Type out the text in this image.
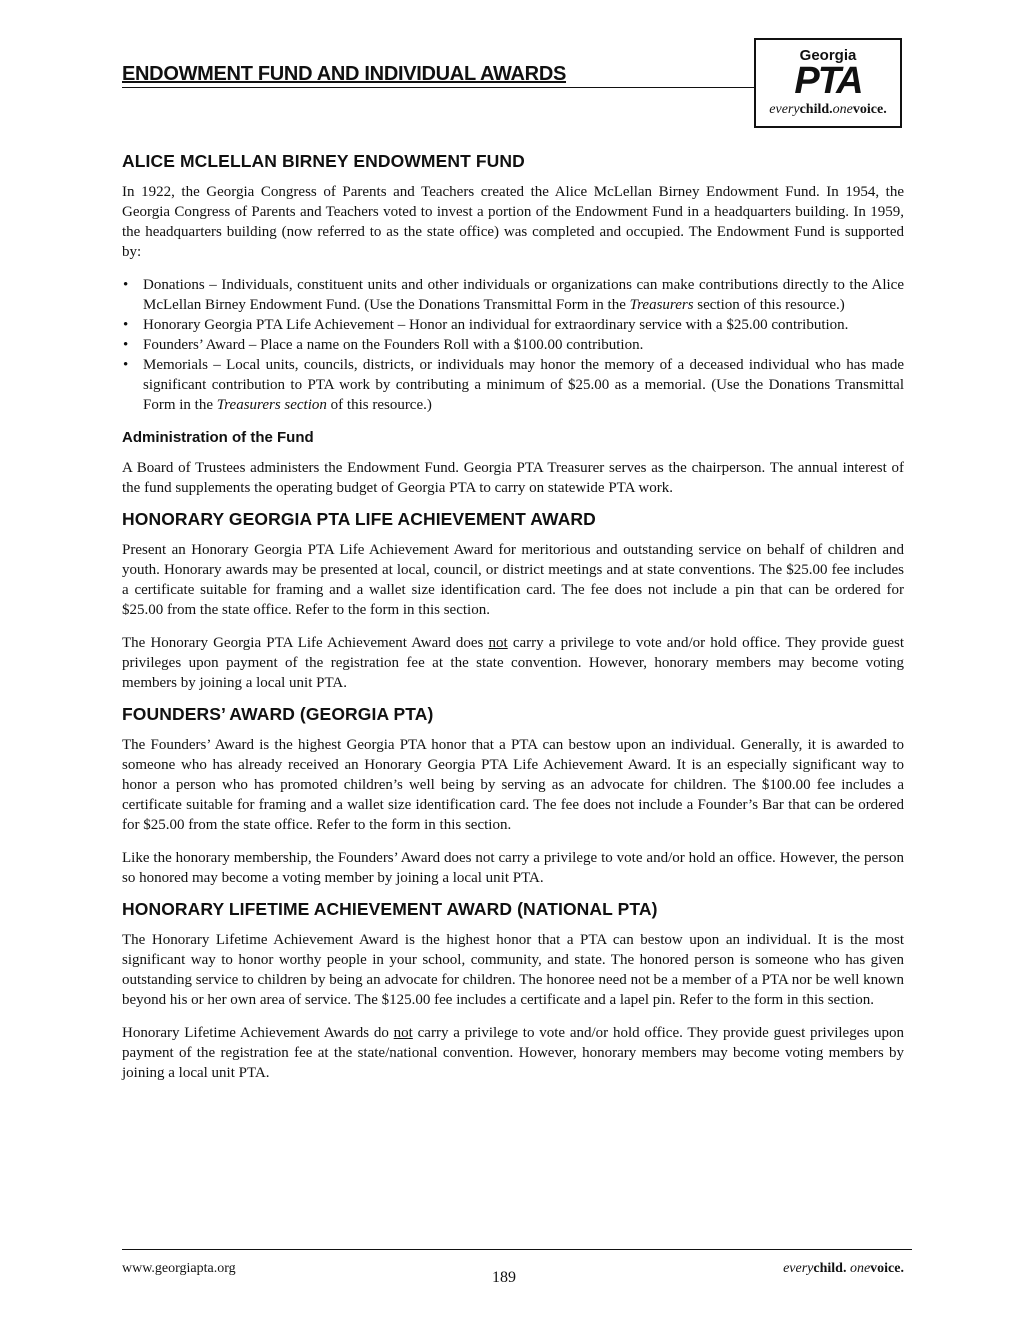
ENDOWMENT FUND AND INDIVIDUAL AWARDS
Georgia
PTA
everychild.onevoice.
ALICE MCLELLAN BIRNEY ENDOWMENT FUND

In 1922, the Georgia Congress of Parents and Teachers created the Alice McLellan Birney Endowment Fund. In 1954, the Georgia Congress of Parents and Teachers voted to invest a portion of the Endowment Fund in a headquarters building. In 1959, the headquarters building (now referred to as the state office) was completed and occupied. The Endowment Fund is supported by:

• Donations – Individuals, constituent units and other individuals or organizations can make contributions directly to the Alice McLellan Birney Endowment Fund. (Use the Donations Transmittal Form in the Treasurers section of this resource.)
• Honorary Georgia PTA Life Achievement – Honor an individual for extraordinary service with a $25.00 contribution.
• Founders’ Award – Place a name on the Founders Roll with a $100.00 contribution.
• Memorials – Local units, councils, districts, or individuals may honor the memory of a deceased individual who has made significant contribution to PTA work by contributing a minimum of $25.00 as a memorial. (Use the Donations Transmittal Form in the Treasurers section of this resource.)
Administration of the Fund

A Board of Trustees administers the Endowment Fund. Georgia PTA Treasurer serves as the chairperson. The annual interest of the fund supplements the operating budget of Georgia PTA to carry on statewide PTA work.

HONORARY GEORGIA PTA LIFE ACHIEVEMENT AWARD

Present an Honorary Georgia PTA Life Achievement Award for meritorious and outstanding service on behalf of children and youth. Honorary awards may be presented at local, council, or district meetings and at state conventions. The $25.00 fee includes a certificate suitable for framing and a wallet size identification card. The fee does not include a pin that can be ordered for $25.00 from the state office. Refer to the form in this section.

The Honorary Georgia PTA Life Achievement Award does not carry a privilege to vote and/or hold office. They provide guest privileges upon payment of the registration fee at the state convention. However, honorary members may become voting members by joining a local unit PTA.

FOUNDERS’ AWARD (GEORGIA PTA)

The Founders’ Award is the highest Georgia PTA honor that a PTA can bestow upon an individual. Generally, it is awarded to someone who has already received an Honorary Georgia PTA Life Achievement Award. It is an especially significant way to honor a person who has promoted children’s well being by serving as an advocate for children. The $100.00 fee includes a certificate suitable for framing and a wallet size identification card. The fee does not include a Founder’s Bar that can be ordered for $25.00 from the state office. Refer to the form in this section.

Like the honorary membership, the Founders’ Award does not carry a privilege to vote and/or hold an office. However, the person so honored may become a voting member by joining a local unit PTA.

HONORARY LIFETIME ACHIEVEMENT AWARD (NATIONAL PTA)

The Honorary Lifetime Achievement Award is the highest honor that a PTA can bestow upon an individual. It is the most significant way to honor worthy people in your school, community, and state. The honored person is someone who has given outstanding service to children by being an advocate for children. The honoree need not be a member of a PTA nor be well known beyond his or her own area of service. The $125.00 fee includes a certificate and a lapel pin. Refer to the form in this section.

Honorary Lifetime Achievement Awards do not carry a privilege to vote and/or hold office. They provide guest privileges upon payment of the registration fee at the state/national convention. However, honorary members may become voting members by joining a local unit PTA.

www.georgiapta.org
189
everychild. onevoice.
